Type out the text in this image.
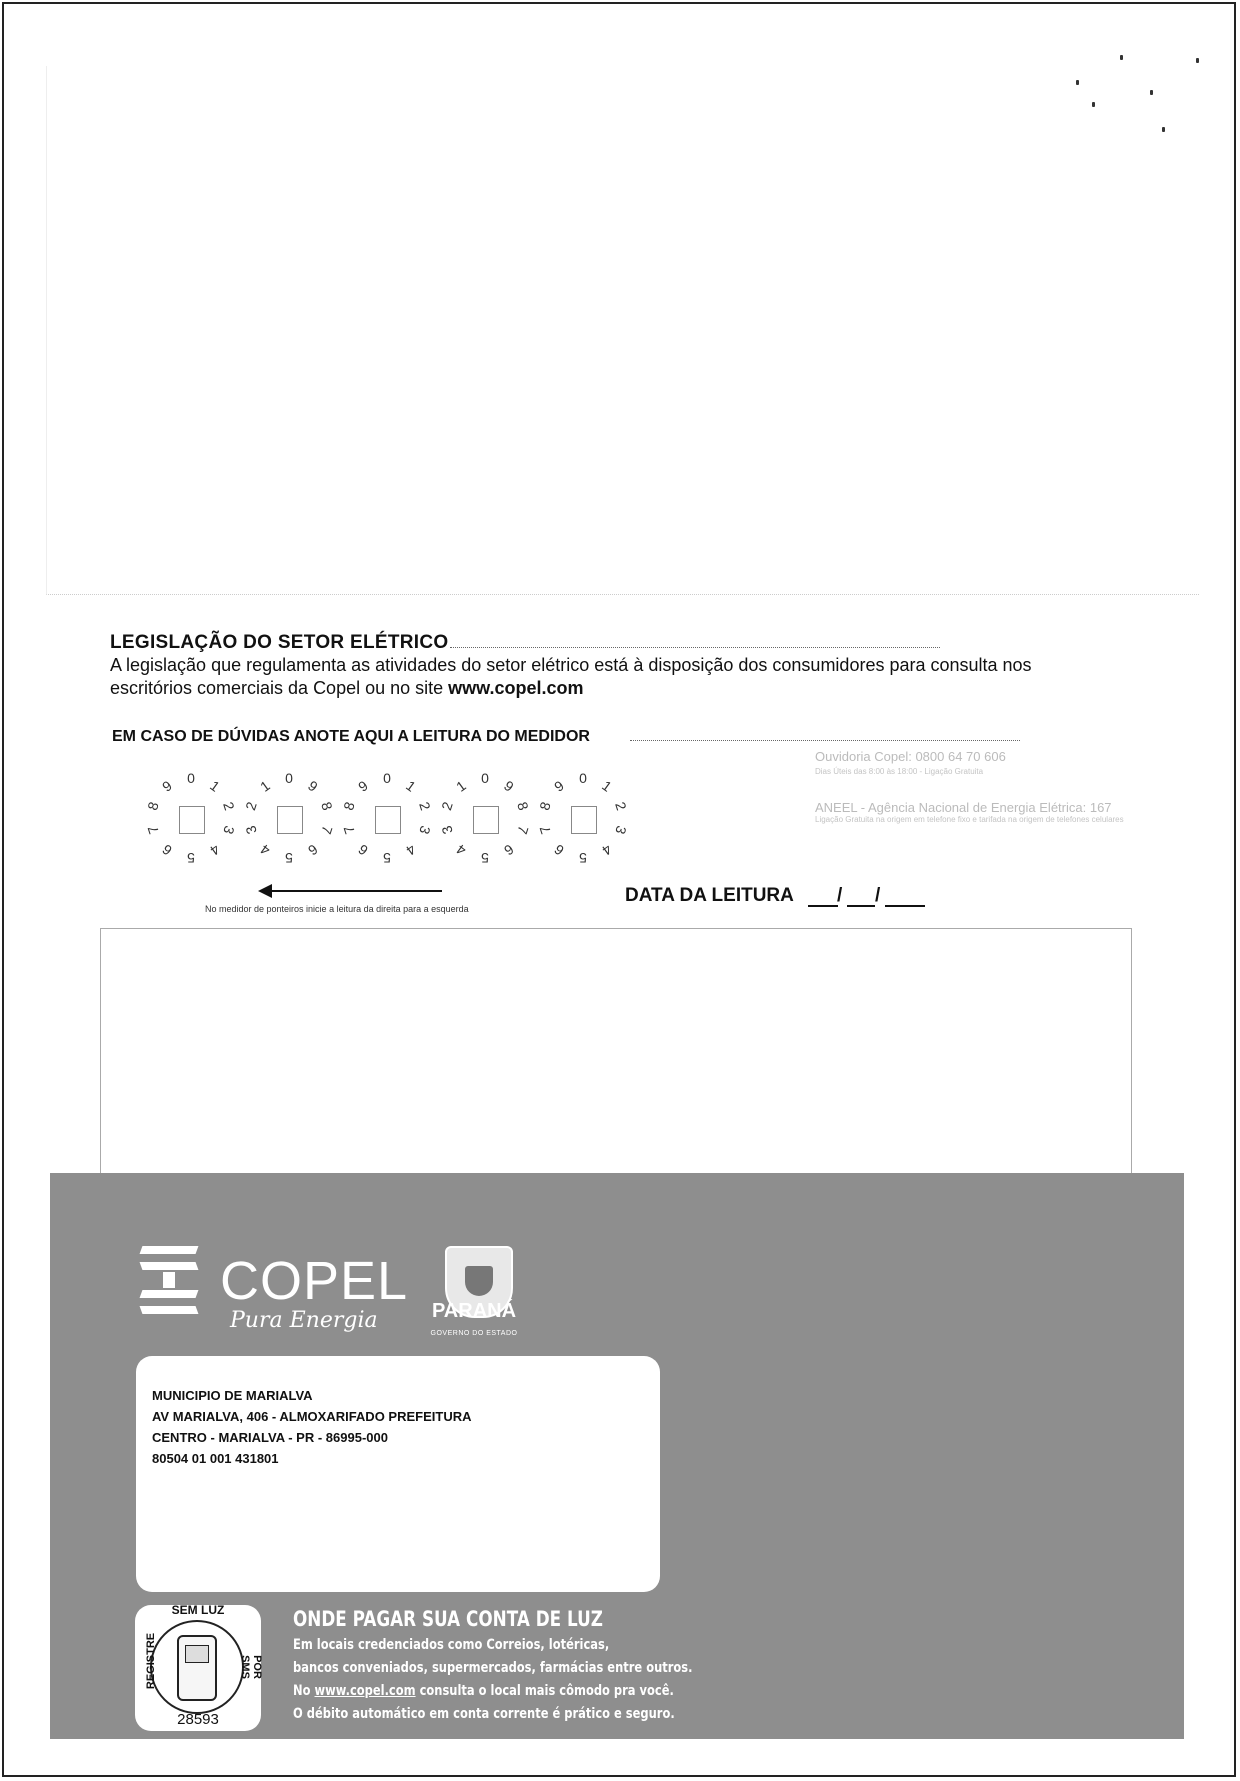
LEGISLAÇÃO DO SETOR ELÉTRICO
A legislação que regulamenta as atividades do setor elétrico está à disposição dos consumidores para consulta nos escritórios comerciais da Copel ou no site www.copel.com
EM CASO DE DÚVIDAS ANOTE AQUI A LEITURA DO MEDIDOR
0 1
2
3
4
5
6
7
8
9	0
1
2
3
4 5 6
7
8
9	0 1
2
3
4
5
6
7
8
9	0
1
2
3
4 5 6
7
8
9	0 1
2
3
4
5
6
7
8
9
No medidor de ponteiros inicie a leitura da direita para a esquerda
Ouvidoria Copel: 0800 64 70 606
Dias Úteis das 8:00 às 18:00 - Ligação Gratuita
ANEEL - Agência Nacional de Energia Elétrica: 167
Ligação Gratuita na origem em telefone fixo e tarifada na origem de telefones celulares
DATA DA LEITURA / /
COPEL
Pura Energia	PARANÁ
GOVERNO DO ESTADO
MUNICIPIO DE MARIALVA
AV MARIALVA, 406 - ALMOXARIFADO PREFEITURA
CENTRO - MARIALVA - PR - 86995-000
80504 01 001 431801
SEM LUZ
REGISTRE	POR SMS
28593
ONDE PAGAR SUA CONTA DE LUZ
Em locais credenciados como Correios, lotéricas,
bancos conveniados, supermercados, farmácias entre outros.
No www.copel.com consulta o local mais cômodo pra você.
O débito automático em conta corrente é prático e seguro.
